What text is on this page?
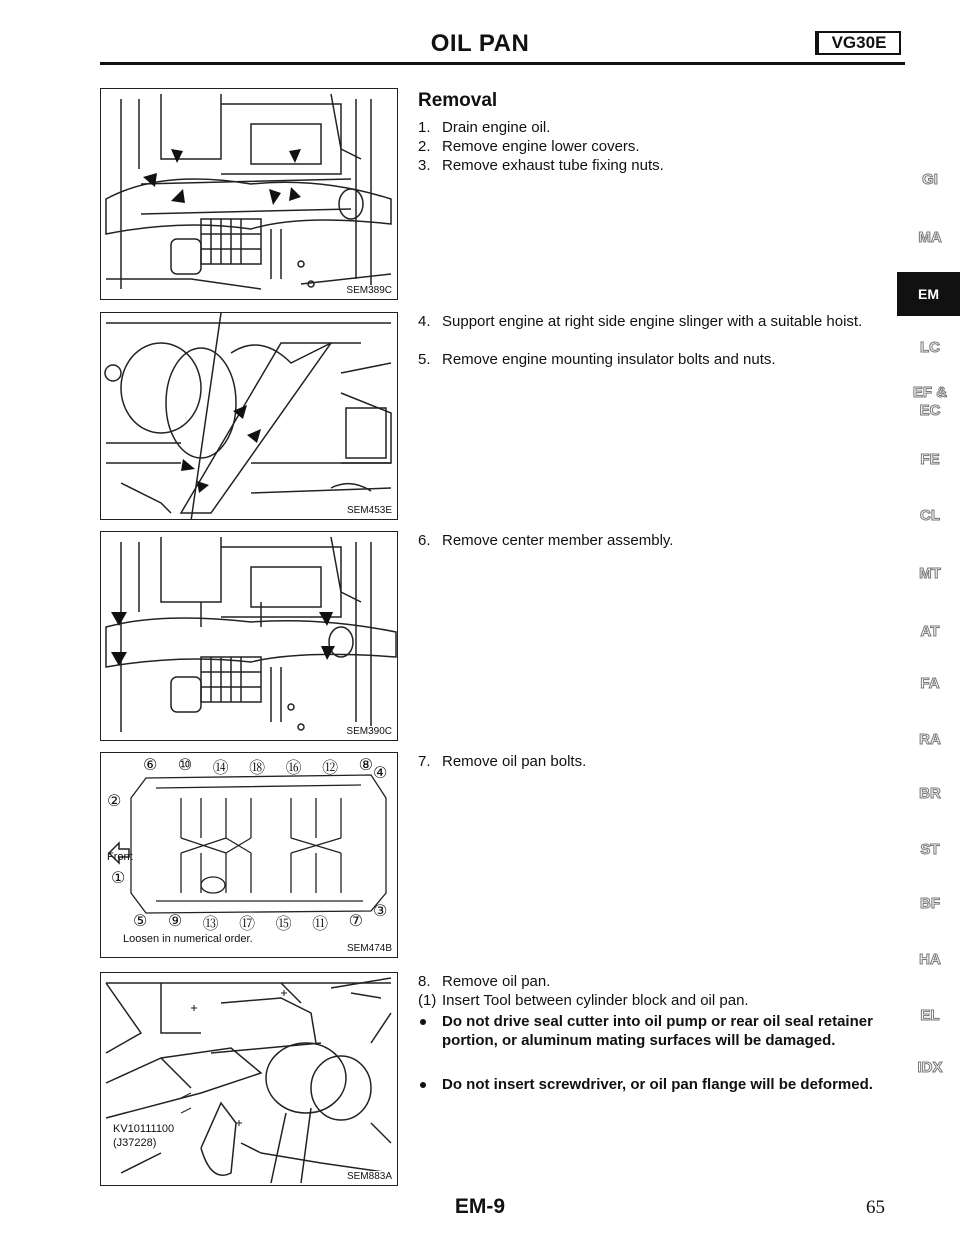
OIL PAN	VG30E
SEM389C
SEM453E
SEM390C
⑥ ⑩ ⑭ ⑱ ⑯ ⑫ ⑧
②
①
④
③
Front
⑤ ⑨ ⑬ ⑰ ⑮ ⑪ ⑦
Loosen in numerical order.
SEM474B
KV10111100
(J37228)
SEM883A
Removal
1. Drain engine oil.
2. Remove engine lower covers.
3. Remove exhaust tube fixing nuts.
4. Support engine at right side engine slinger with a suitable hoist.
5. Remove engine mounting insulator bolts and nuts.
6. Remove center member assembly.
7. Remove oil pan bolts.
8. Remove oil pan.
(1) Insert Tool between cylinder block and oil pan.
Do not drive seal cutter into oil pump or rear oil seal retainer portion, or aluminum mating surfaces will be damaged.
Do not insert screwdriver, or oil pan flange will be deformed.
GI
MA
EM
LC
EF &
EC
FE
CL
MT
AT
FA
RA
BR
ST
BF
HA
EL
IDX
EM-9	65
